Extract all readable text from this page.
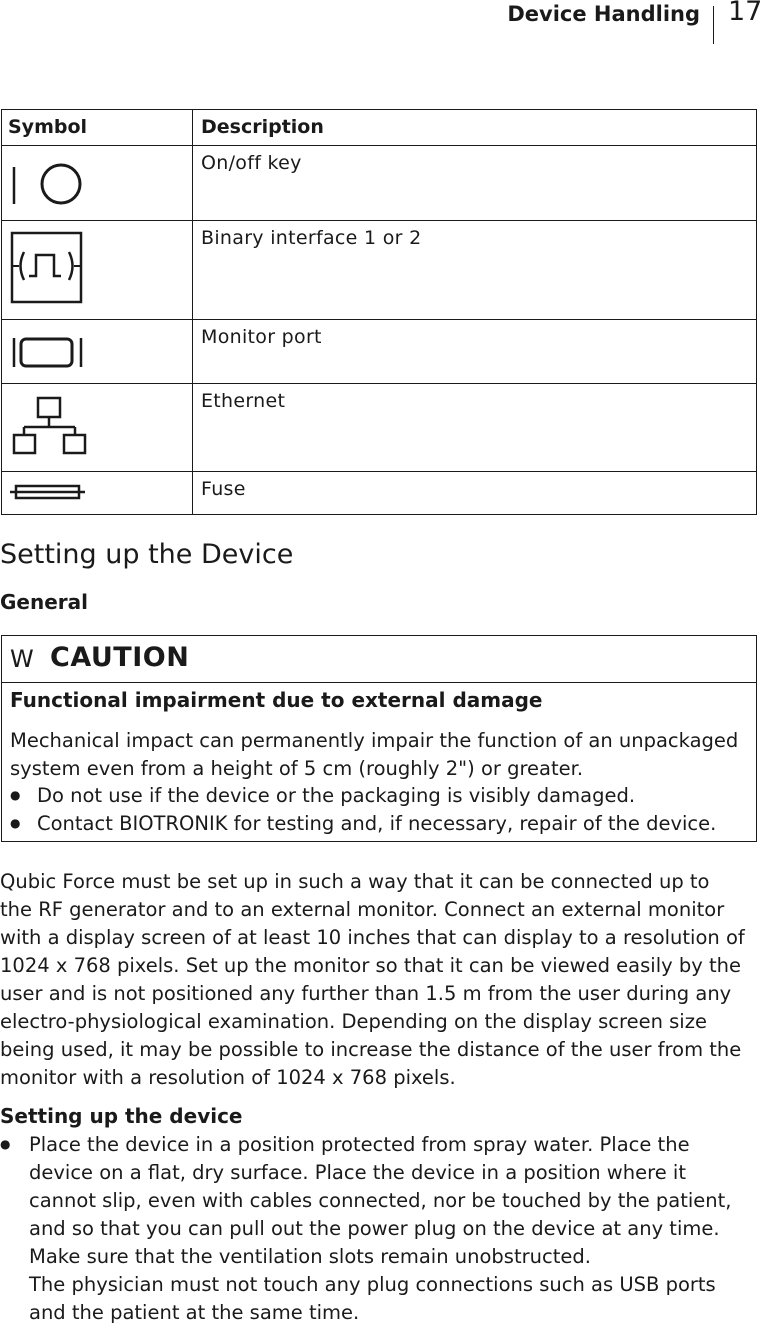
Device Handling 17
Symbol	Description

	On/off key

	Binary interface 1 or 2

	Monitor port

	Ethernet

	Fuse
Setting up the Device
General
W CAUTION
Functional impairment due to external damage
Mechanical impact can permanently impair the function of an unpackaged system even from a height of 5 cm (roughly 2") or greater.
● Do not use if the device or the packaging is visibly damaged.
● Contact BIOTRONIK for testing and, if necessary, repair of the device.

Qubic Force must be set up in such a way that it can be connected up to the RF generator and to an external monitor. Connect an external monitor with a display screen of at least 10 inches that can display to a resolution of 1024 x 768 pixels. Set up the monitor so that it can be viewed easily by the user and is not positioned any further than 1.5 m from the user during any electro-physiological examination. Depending on the display screen size being used, it may be possible to increase the distance of the user from the monitor with a resolution of 1024 x 768 pixels.

Setting up the device
● Place the device in a position protected from spray water. Place the device on a flat, dry surface. Place the device in a position where it cannot slip, even with cables connected, nor be touched by the patient, and so that you can pull out the power plug on the device at any time. Make sure that the ventilation slots remain unobstructed.
The physician must not touch any plug connections such as USB ports and the patient at the same time.
